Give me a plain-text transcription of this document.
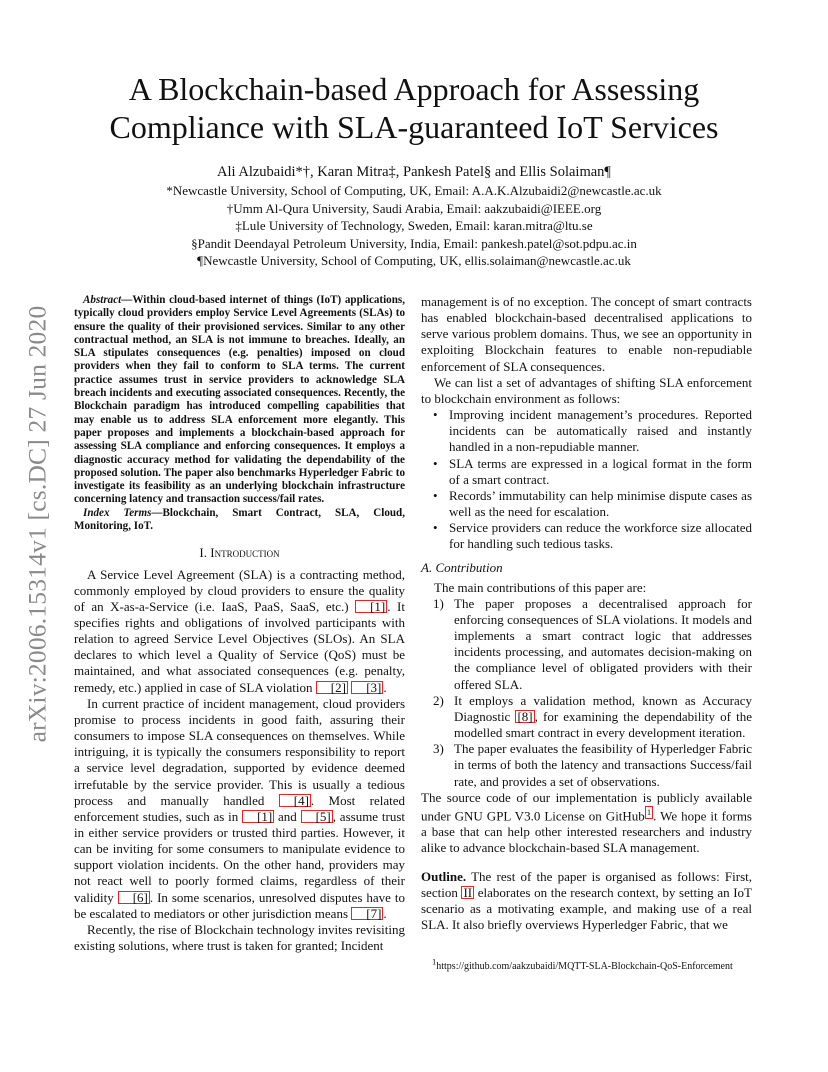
arXiv:2006.15314v1 [cs.DC] 27 Jun 2020
A Blockchain-based Approach for Assessing
Compliance with SLA-guaranteed IoT Services
Ali Alzubaidi*†, Karan Mitra‡, Pankesh Patel§ and Ellis Solaiman¶
*Newcastle University, School of Computing, UK, Email: A.A.K.Alzubaidi2@newcastle.ac.uk
†Umm Al-Qura University, Saudi Arabia, Email: aakzubaidi@IEEE.org
‡Lule University of Technology, Sweden, Email: karan.mitra@ltu.se
§Pandit Deendayal Petroleum University, India, Email: pankesh.patel@sot.pdpu.ac.in
¶Newcastle University, School of Computing, UK, ellis.solaiman@newcastle.ac.uk

Abstract—Within cloud-based internet of things (IoT) applications, typically cloud providers employ Service Level Agreements (SLAs) to ensure the quality of their provisioned services. Similar to any other contractual method, an SLA is not immune to breaches. Ideally, an SLA stipulates consequences (e.g. penalties) imposed on cloud providers when they fail to conform to SLA terms. The current practice assumes trust in service providers to acknowledge SLA breach incidents and executing associated consequences. Recently, the Blockchain paradigm has introduced compelling capabilities that may enable us to address SLA enforcement more elegantly. This paper proposes and implements a blockchain-based approach for assessing SLA compliance and enforcing consequences. It employs a diagnostic accuracy method for validating the dependability of the proposed solution. The paper also benchmarks Hyperledger Fabric to investigate its feasibility as an underlying blockchain infrastructure concerning latency and transaction success/fail rates.

Index Terms—Blockchain, Smart Contract, SLA, Cloud, Monitoring, IoT.

I. Introduction

A Service Level Agreement (SLA) is a contracting method, commonly employed by cloud providers to ensure the quality of an X-as-a-Service (i.e. IaaS, PaaS, SaaS, etc.) [1] . It specifies rights and obligations of involved participants with relation to agreed Service Level Objectives (SLOs). An SLA declares to which level a Quality of Service (QoS) must be maintained, and what associated consequences (e.g. penalty, remedy, etc.) applied in case of SLA violation [2] [3] .

In current practice of incident management, cloud providers promise to process incidents in good faith, assuring their consumers to impose SLA consequences on themselves. While intriguing, it is typically the consumers responsibility to report a service level degradation, supported by evidence deemed irrefutable by the service provider. This is usually a tedious process and manually handled [4] . Most related enforcement studies, such as in [1] and [5] , assume trust in either service providers or trusted third parties. However, it can be inviting for some consumers to manipulate evidence to support violation incidents. On the other hand, providers may not react well to poorly formed claims, regardless of their validity [6] . In some scenarios, unresolved disputes have to be escalated to mediators or other jurisdiction means [7] .

Recently, the rise of Blockchain technology invites revisiting existing solutions, where trust is taken for granted; Incident

management is of no exception. The concept of smart contracts has enabled blockchain-based decentralised applications to serve various problem domains. Thus, we see an opportunity in exploiting Blockchain features to enable non-repudiable enforcement of SLA consequences.

We can list a set of advantages of shifting SLA enforcement to blockchain environment as follows:

• Improving incident management’s procedures. Reported incidents can be automatically raised and instantly handled in a non-repudiable manner.
• SLA terms are expressed in a logical format in the form of a smart contract.
• Records’ immutability can help minimise dispute cases as well as the need for escalation.
• Service providers can reduce the workforce size allocated for handling such tedious tasks.
A. Contribution

The main contributions of this paper are:

1) The paper proposes a decentralised approach for enforcing consequences of SLA violations. It models and implements a smart contract logic that addresses incidents processing, and automates decision-making on the compliance level of obligated providers with their offered SLA.
2) It employs a validation method, known as Accuracy Diagnostic [8] , for examining the dependability of the modelled smart contract in every development iteration.
3) The paper evaluates the feasibility of Hyperledger Fabric in terms of both the latency and transactions Success/fail rate, and provides a set of observations.

The source code of our implementation is publicly available under GNU GPL V3.0 License on GitHub $^1$ . We hope it forms a base that can help other interested researchers and industry alike to advance blockchain-based SLA management.

Outline. The rest of the paper is organised as follows: First, section II elaborates on the research context, by setting an IoT scenario as a motivating example, and making use of a real SLA. It also briefly overviews Hyperledger Fabric, that we

$^1$https://github.com/aakzubaidi/MQTT-SLA-Blockchain-QoS-Enforcement
